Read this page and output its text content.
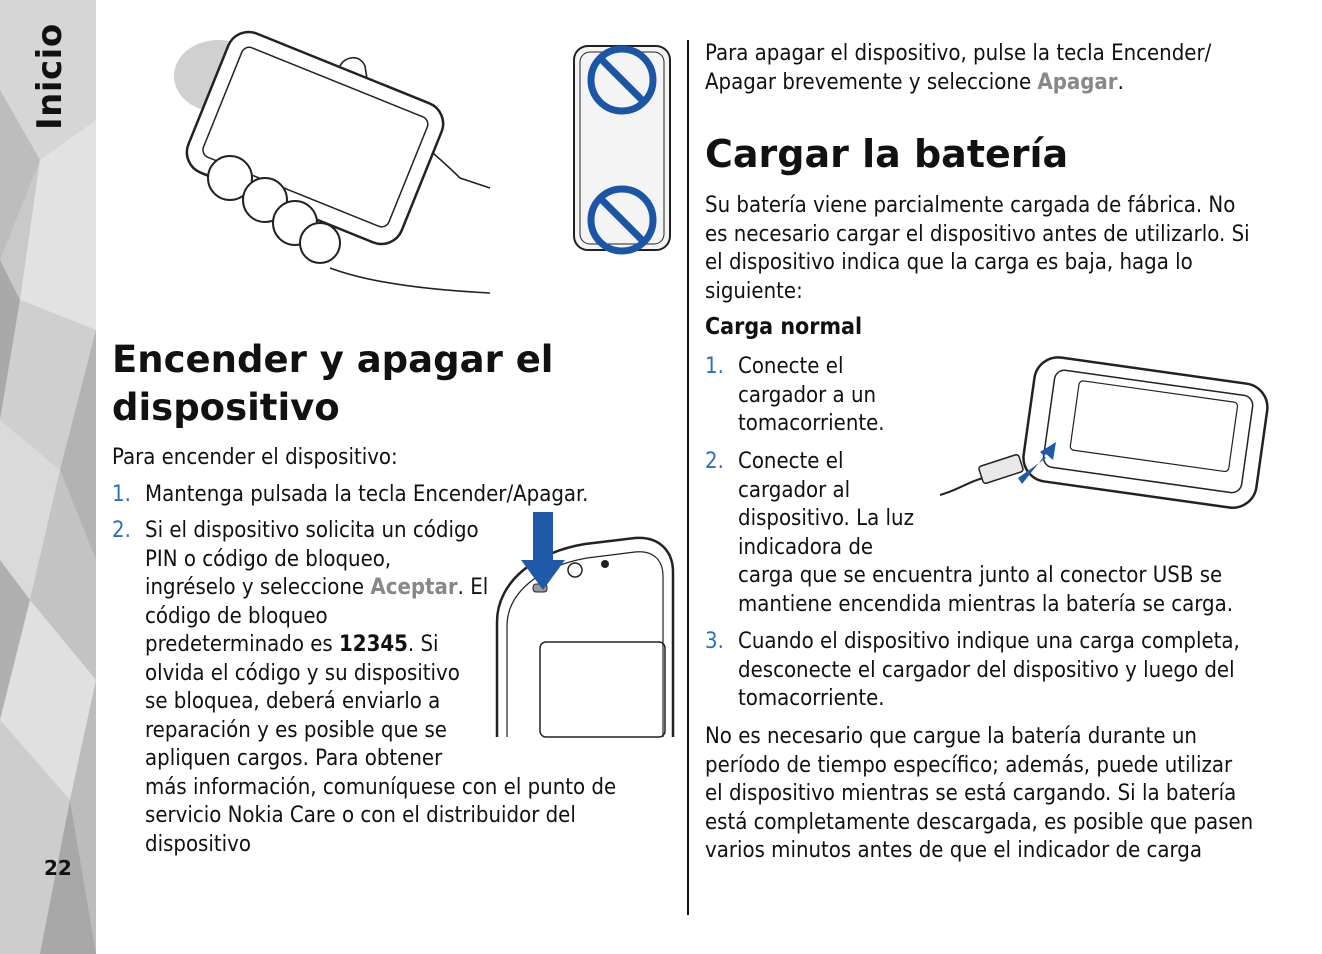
Inicio
22
Encender y apagar el
dispositivo
Para encender el dispositivo:
1. Mantenga pulsada la tecla Encender/Apagar.
2. Si el dispositivo solicita un código
PIN o código de bloqueo,
ingréselo y seleccione Aceptar. El
código de bloqueo
predeterminado es 12345. Si
olvida el código y su dispositivo
se bloquea, deberá enviarlo a
reparación y es posible que se
apliquen cargos. Para obtener
más información, comuníquese con el punto de
servicio Nokia Care o con el distribuidor del
dispositivo
Para apagar el dispositivo, pulse la tecla Encender/
Apagar brevemente y seleccione Apagar.
Cargar la batería
Su batería viene parcialmente cargada de fábrica. No
es necesario cargar el dispositivo antes de utilizarlo. Si
el dispositivo indica que la carga es baja, haga lo
siguiente:
Carga normal
1. Conecte el
cargador a un
tomacorriente.
2. Conecte el
cargador al
dispositivo. La luz
indicadora de
carga que se encuentra junto al conector USB se
mantiene encendida mientras la batería se carga.
3. Cuando el dispositivo indique una carga completa,
desconecte el cargador del dispositivo y luego del
tomacorriente.
No es necesario que cargue la batería durante un
período de tiempo específico; además, puede utilizar
el dispositivo mientras se está cargando. Si la batería
está completamente descargada, es posible que pasen
varios minutos antes de que el indicador de carga
